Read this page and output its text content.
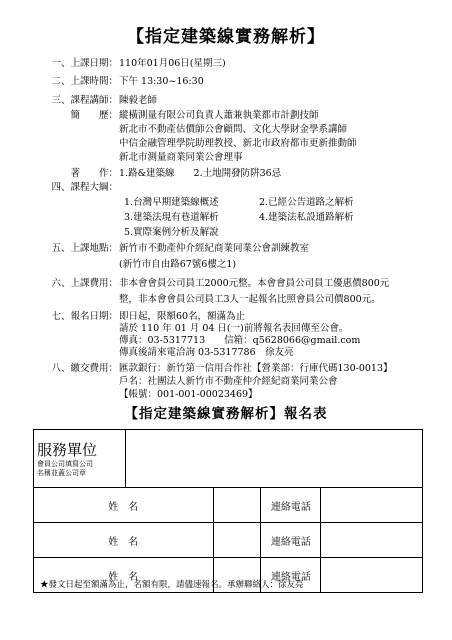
【指定建築線實務解析】
一、上課日期： 110年01月06日(星期三)
二、上課時間： 下午 13:30~16:30
三、課程講師： 陳毅老師
簡　　歷： 縱橫測量有限公司負責人蕭兼執業都市計劃技師
新北市不動產估價師公會顧問、文化大學財金學系講師
中信金融管理學院助理教授、新北市政府都市更新推動師
新北市測量商業同業公會理事
著　　作： 1.路&建築線　　2.土地開發防阱36忌
四、課程大綱：
1.台灣早期建築線概述	2.已經公告道路之解析
3.建築法現有巷道解析	4.建築法私設通路解析
5.實際案例分析及解說
五、上課地點： 新竹市不動產仲介經紀商業同業公會訓練教室
(新竹市自由路67號6樓之1)
六、上課費用： 非本會會員公司員工2000元整。本會會員公司員工優惠價800元
整，非本會會員公司員工3人一起報名比照會員公司價800元。
七、報名日期： 即日起，限額60名，額滿為止
請於 110 年 01 月 04 日(一)前將報名表回傳至公會。
傳真：03-5317713　　信箱：q5628066@gmail.com
傳真後請來電洽詢 03-5317786　徐友亮
八、繳交費用： 匯款銀行：新竹第一信用合作社【營業部：行庫代碼130-0013】
戶名：社團法人新竹市不動產仲介經紀商業同業公會
【帳號：001-001-00023469】
【指定建築線實務解析】報名表
服務單位
會員公司填寫公司
名稱並蓋公司章				

姓　名			連絡電話	
姓　名			連絡電話	
姓　名			連絡電話	
★發文日起至額滿為止，名額有限，請儘速報名。承辦聯絡人：徐友亮
